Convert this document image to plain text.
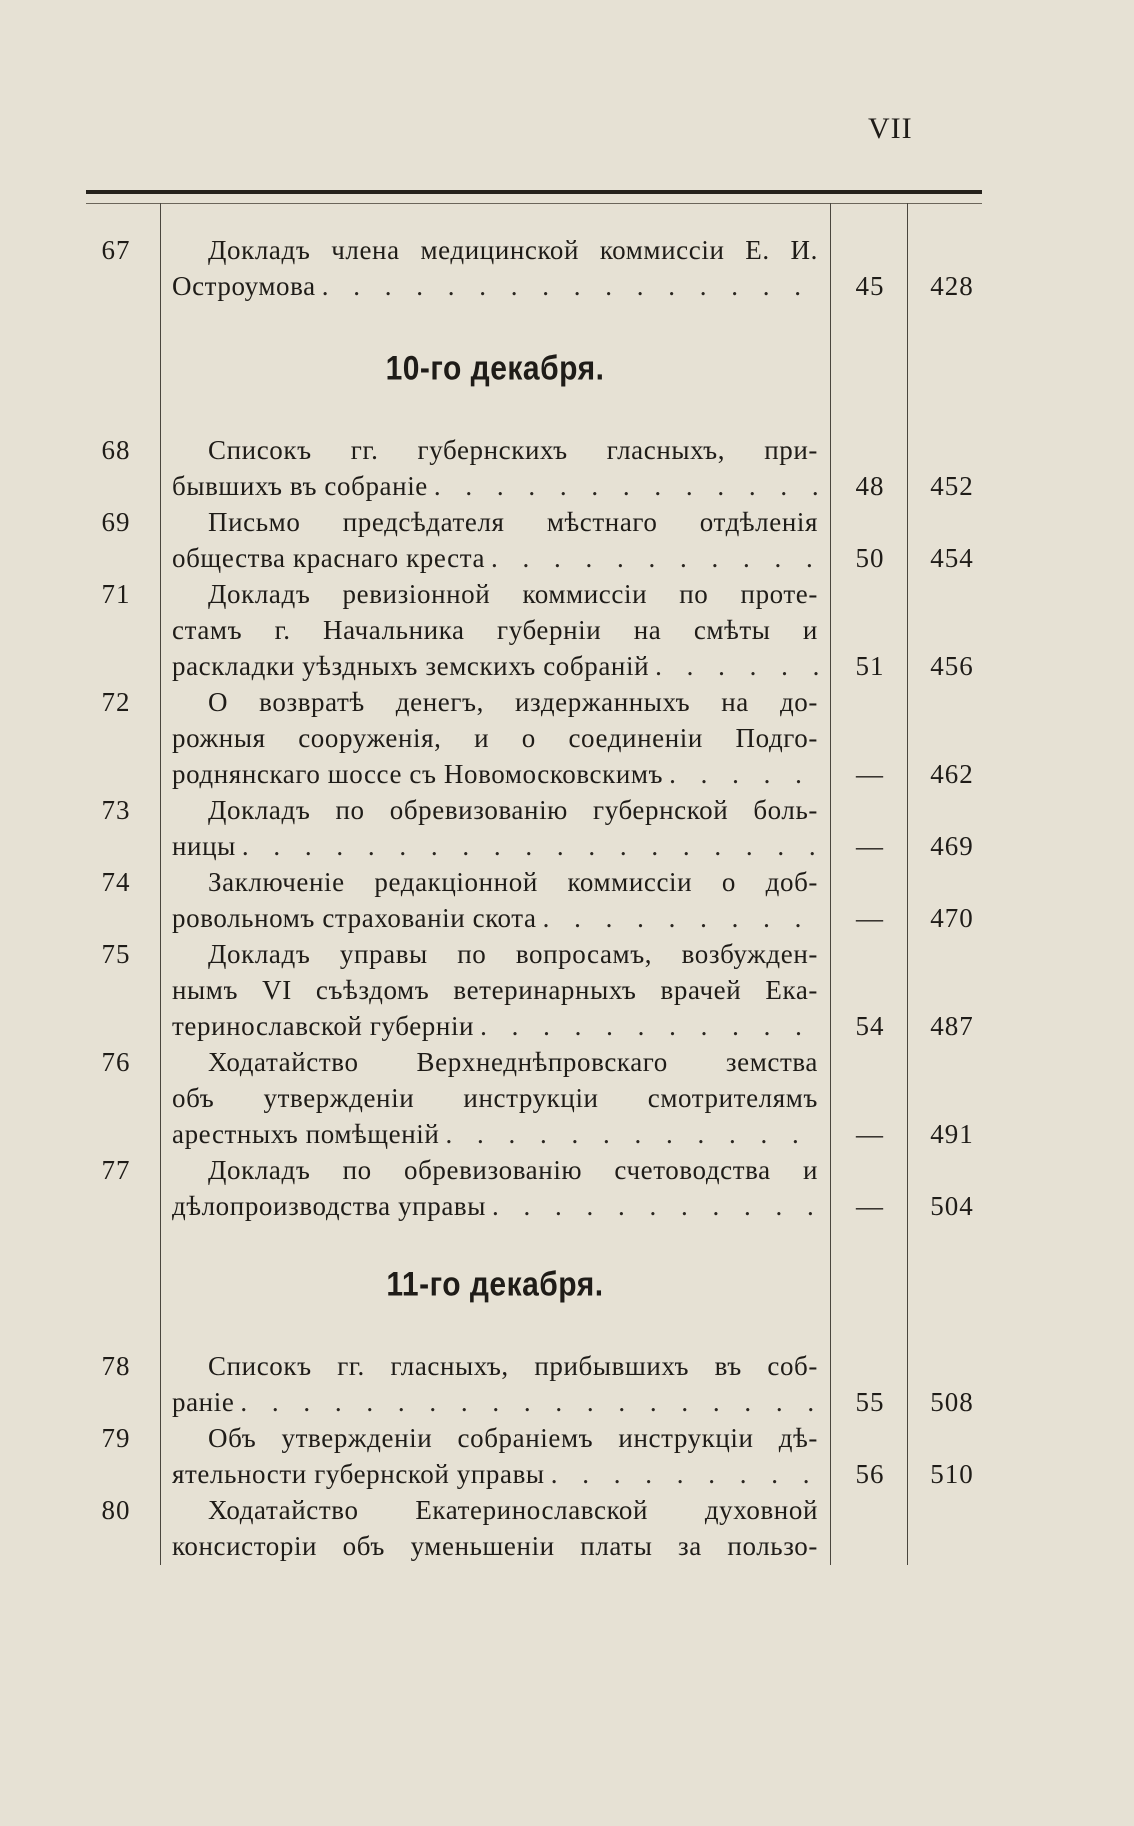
VII
67	Докладъ члена медицинской коммиссіи Е. И.
Остроумова . . .	45	428
10-го декабря.
68	Списокъ гг. губернскихъ гласныхъ, при-
бывшихъ въ собраніе . . .	48	452
69	Письмо предсѣдателя мѣстнаго отдѣленія
общества краснаго креста . . .	50	454
71	Докладъ ревизіонной коммиссіи по проте-
стамъ г. Начальника губерніи на смѣты и
раскладки уѣздныхъ земскихъ собраній . . .	51	456
72	О возвратѣ денегъ, издержанныхъ на до-
рожныя сооруженія, и о соединеніи Подго-
роднянскаго шоссе съ Новомосковскимъ . . .	—	462
73	Докладъ по обревизованію губернской боль-
ницы . . .	—	469
74	Заключеніе редакціонной коммиссіи о доб-
ровольномъ страхованіи скота . . .	—	470
75	Докладъ управы по вопросамъ, возбужден-
нымъ VI съѣздомъ ветеринарныхъ врачей Ека-
теринославской губерніи . . .	54	487
76	Ходатайство Верхнеднѣпровскаго земства
объ утвержденіи инструкціи смотрителямъ
арестныхъ помѣщеній . . .	—	491
77	Докладъ по обревизованію счетоводства и
дѣлопроизводства управы . . .	—	504
11-го декабря.
78	Списокъ гг. гласныхъ, прибывшихъ въ соб-
раніе . . .	55	508
79	Объ утвержденіи собраніемъ инструкціи дѣ-
ятельности губернской управы . . .	56	510
80	Ходатайство Екатеринославской духовной
консисторіи объ уменьшеніи платы за пользо-
